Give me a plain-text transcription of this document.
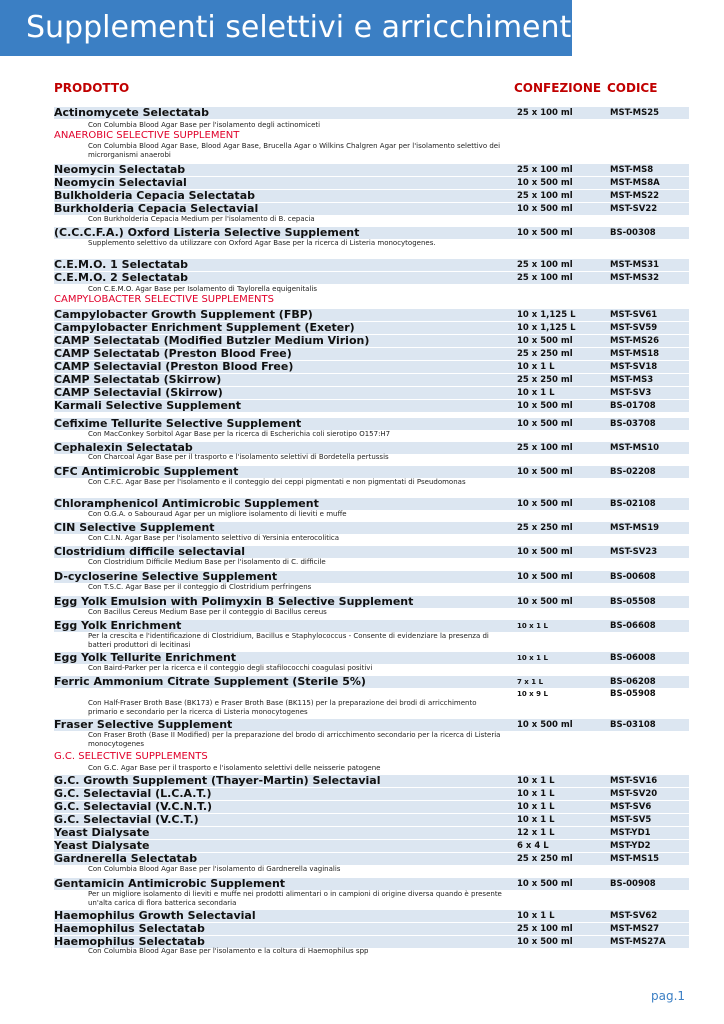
Supplementi selettivi e arricchimenti
PRODOTTO	CONFEZIONE CODICE
Actinomycete Selectatab	25 x 100 ml	MST-MS25
Con Columbia Blood Agar Base per l'isolamento degli actinomiceti
ANAEROBIC SELECTIVE SUPPLEMENT
Con Columbia Blood Agar Base, Blood Agar Base, Brucella Agar o Wilkins Chalgren Agar per l'isolamento selettivo dei microrganismi anaerobi
Neomycin Selectatab	25 x 100 ml	MST-MS8
Neomycin Selectavial	10 x 500 ml	MST-MS8A
Bulkholderia Cepacia Selectatab	25 x 100 ml	MST-MS22
Burkholderia Cepacia Selectavial	10 x 500 ml	MST-SV22
Con Burkholderia Cepacia Medium per l'isolamento di B. cepacia
(C.C.C.F.A.) Oxford Listeria Selective Supplement	10 x 500 ml	BS-00308
Supplemento selettivo da utilizzare con Oxford Agar Base per la ricerca di Listeria monocytogenes.
C.E.M.O. 1 Selectatab	25 x 100 ml	MST-MS31
C.E.M.O. 2 Selectatab	25 x 100 ml	MST-MS32
Con C.E.M.O. Agar Base per Isolamento di Taylorella equigenitalis
CAMPYLOBACTER SELECTIVE SUPPLEMENTS
Campylobacter Growth Supplement (FBP)	10 x 1,125 L	MST-SV61
Campylobacter Enrichment Supplement (Exeter)	10 x 1,125 L	MST-SV59
CAMP Selectatab (Modified Butzler Medium Virion)	10 x 500 ml	MST-MS26
CAMP Selectatab (Preston Blood Free)	25 x 250 ml	MST-MS18
CAMP Selectavial (Preston Blood Free)	10 x 1 L	MST-SV18
CAMP Selectatab (Skirrow)	25 x 250 ml	MST-MS3
CAMP Selectavial (Skirrow)	10 x 1 L	MST-SV3
Karmali Selective Supplement	10 x 500 ml	BS-01708
Cefixime Tellurite Selective Supplement	10 x 500 ml	BS-03708
Con MacConkey Sorbitol Agar Base per la ricerca di Escherichia coli sierotipo O157:H7
Cephalexin Selectatab	25 x 100 ml	MST-MS10
Con Charcoal Agar Base per il trasporto e l'isolamento selettivi di Bordetella pertussis
CFC Antimicrobic Supplement	10 x 500 ml	BS-02208
Con C.F.C. Agar Base per l'isolamento e il conteggio dei ceppi pigmentati e non pigmentati di Pseudomonas
Chloramphenicol Antimicrobic Supplement	10 x 500 ml	BS-02108
Con O.G.A. o Sabouraud Agar per un migliore isolamento di lieviti e muffe
CIN Selective Supplement	25 x 250 ml	MST-MS19
Con C.I.N. Agar Base per l'isolamento selettivo di Yersinia enterocolitica
Clostridium difficile selectavial	10 x 500 ml	MST-SV23
Con Clostridium Difficile Medium Base per l'isolamento di C. difficile
D-cycloserine Selective Supplement	10 x 500 ml	BS-00608
Con T.S.C. Agar Base per il conteggio di Clostridium perfringens
Egg Yolk Emulsion with Polimyxin B Selective Supplement	10 x 500 ml	BS-05508
Con Bacillus Cereus Medium Base per il conteggio di Bacillus cereus
Egg Yolk Enrichment	10 x 1 L	BS-06608
Per la crescita e l'identificazione di Clostridium, Bacillus e Staphylococcus - Consente di evidenziare la presenza di batteri produttori di lecitinasi
Egg Yolk Tellurite Enrichment	10 x 1 L	BS-06008
Con Baird-Parker per la ricerca e il conteggio degli stafilococchi coagulasi positivi
Ferric Ammonium Citrate Supplement (Sterile 5%)	7 x 1 L	BS-06208
10 x 9 L	BS-05908
Con Half-Fraser Broth Base (BK173) e Fraser Broth Base (BK115) per la preparazione dei brodi di arricchimento primario e secondario per la ricerca di Listeria monocytogenes
Fraser Selective Supplement	10 x 500 ml	BS-03108
Con Fraser Broth (Base II Modified) per la preparazione del brodo di arricchimento secondario per la ricerca di Listeria monocytogenes
G.C. SELECTIVE SUPPLEMENTS
Con G.C. Agar Base per il trasporto e l'isolamento selettivi delle neisserie patogene
G.C. Growth Supplement (Thayer-Martin) Selectavial	10 x 1 L	MST-SV16
G.C. Selectavial (L.C.A.T.)	10 x 1 L	MST-SV20
G.C. Selectavial (V.C.N.T.)	10 x 1 L	MST-SV6
G.C. Selectavial (V.C.T.)	10 x 1 L	MST-SV5
Yeast Dialysate	12 x 1 L	MST-YD1
Yeast Dialysate	6 x 4 L	MST-YD2
Gardnerella Selectatab	25 x 250 ml	MST-MS15
Con Columbia Blood Agar Base per l'isolamento di Gardnerella vaginalis
Gentamicin Antimicrobic Supplement	10 x 500 ml	BS-00908
Per un migliore isolamento di lieviti e muffe nei prodotti alimentari o in campioni di origine diversa quando è presente un'alta carica di flora batterica secondaria
Haemophilus Growth Selectavial	10 x 1 L	MST-SV62
Haemophilus Selectatab	25 x 100 ml	MST-MS27
Haemophilus Selectatab	10 x 500 ml	MST-MS27A
Con Columbia Blood Agar Base per l'isolamento e la coltura di Haemophilus spp
pag.1
